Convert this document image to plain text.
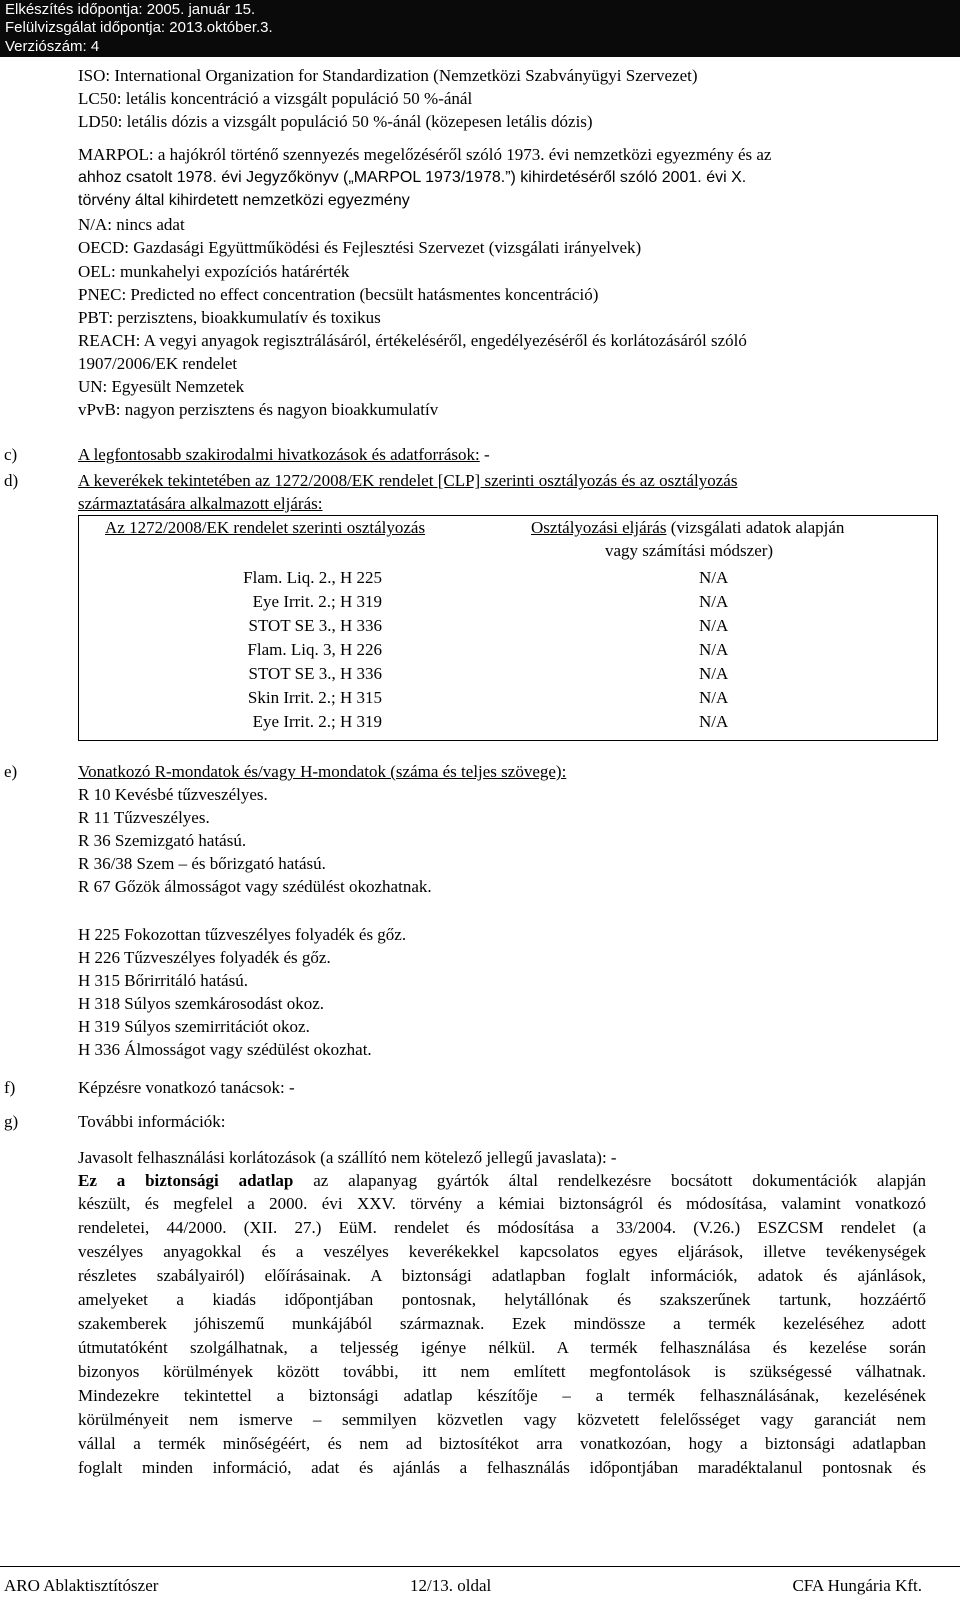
Elkészítés időpontja: 2005. január 15.
Felülvizsgálat időpontja: 2013.október.3.
Verziószám: 4
ISO: International Organization for Standardization (Nemzetközi Szabványügyi Szervezet)
LC50: letális koncentráció a vizsgált populáció 50 %-ánál
LD50: letális dózis a vizsgált populáció 50 %-ánál (közepesen letális dózis)
MARPOL: a hajókról történő szennyezés megelőzéséről szóló 1973. évi nemzetközi egyezmény és az
ahhoz csatolt 1978. évi Jegyzőkönyv („MARPOL 1973/1978.”) kihirdetéséről szóló 2001. évi X.
törvény által kihirdetett nemzetközi egyezmény
N/A: nincs adat
OECD: Gazdasági Együttműködési és Fejlesztési Szervezet (vizsgálati irányelvek)
OEL: munkahelyi expozíciós határérték
PNEC: Predicted no effect concentration (becsült hatásmentes koncentráció)
PBT: perzisztens, bioakkumulatív és toxikus
REACH: A vegyi anyagok regisztrálásáról, értékeléséről, engedélyezéséről és korlátozásáról szóló
1907/2006/EK rendelet
UN: Egyesült Nemzetek
vPvB: nagyon perzisztens és nagyon bioakkumulatív
c)	A legfontosabb szakirodalmi hivatkozások és adatforrások: -
d)	A keverékek tekintetében az 1272/2008/EK rendelet [CLP] szerinti osztályozás és az osztályozás
származtatására alkalmazott eljárás:
Az 1272/2008/EK rendelet szerinti osztályozás	Osztályozási eljárás (vizsgálati adatok alapján
vagy számítási módszer)
Flam. Liq. 2., H 225	N/A
Eye Irrit. 2.; H 319	N/A
STOT SE 3., H 336	N/A
Flam. Liq. 3, H 226	N/A
STOT SE 3., H 336	N/A
Skin Irrit. 2.; H 315	N/A
Eye Irrit. 2.; H 319	N/A
e)	Vonatkozó R-mondatok és/vagy H-mondatok (száma és teljes szövege):
R 10 Kevésbé tűzveszélyes.
R 11 Tűzveszélyes.
R 36 Szemizgató hatású.
R 36/38 Szem – és bőrizgató hatású.
R 67 Gőzök álmosságot vagy szédülést okozhatnak.
H 225 Fokozottan tűzveszélyes folyadék és gőz.
H 226 Tűzveszélyes folyadék és gőz.
H 315 Bőrirritáló hatású.
H 318 Súlyos szemkárosodást okoz.
H 319 Súlyos szemirritációt okoz.
H 336 Álmosságot vagy szédülést okozhat.
f)	Képzésre vonatkozó tanácsok: -
g)	További információk:
Javasolt felhasználási korlátozások (a szállító nem kötelező jellegű javaslata): -
Ez a biztonsági adatlap az alapanyag gyártók által rendelkezésre bocsátott dokumentációk alapján
készült, és megfelel a 2000. évi XXV. törvény a kémiai biztonságról és módosítása, valamint vonatkozó
rendeletei, 44/2000. (XII. 27.) EüM. rendelet és módosítása a 33/2004. (V.26.) ESZCSM rendelet (a
veszélyes anyagokkal és a veszélyes keverékekkel kapcsolatos egyes eljárások, illetve tevékenységek
részletes szabályairól) előírásainak. A biztonsági adatlapban foglalt információk, adatok és ajánlások,
amelyeket a kiadás időpontjában pontosnak, helytállónak és szakszerűnek tartunk, hozzáértő
szakemberek jóhiszemű munkájából származnak. Ezek mindössze a termék kezeléséhez adott
útmutatóként szolgálhatnak, a teljesség igénye nélkül. A termék felhasználása és kezelése során
bizonyos körülmények között további, itt nem említett megfontolások is szükségessé válhatnak.
Mindezekre tekintettel a biztonsági adatlap készítője – a termék felhasználásának, kezelésének
körülményeit nem ismerve – semmilyen közvetlen vagy közvetett felelősséget vagy garanciát nem
vállal a termék minőségéért, és nem ad biztosítékot arra vonatkozóan, hogy a biztonsági adatlapban
foglalt minden információ, adat és ajánlás a felhasználás időpontjában maradéktalanul pontosnak és
ARO Ablaktisztítószer	12/13. oldal	CFA Hungária Kft.
